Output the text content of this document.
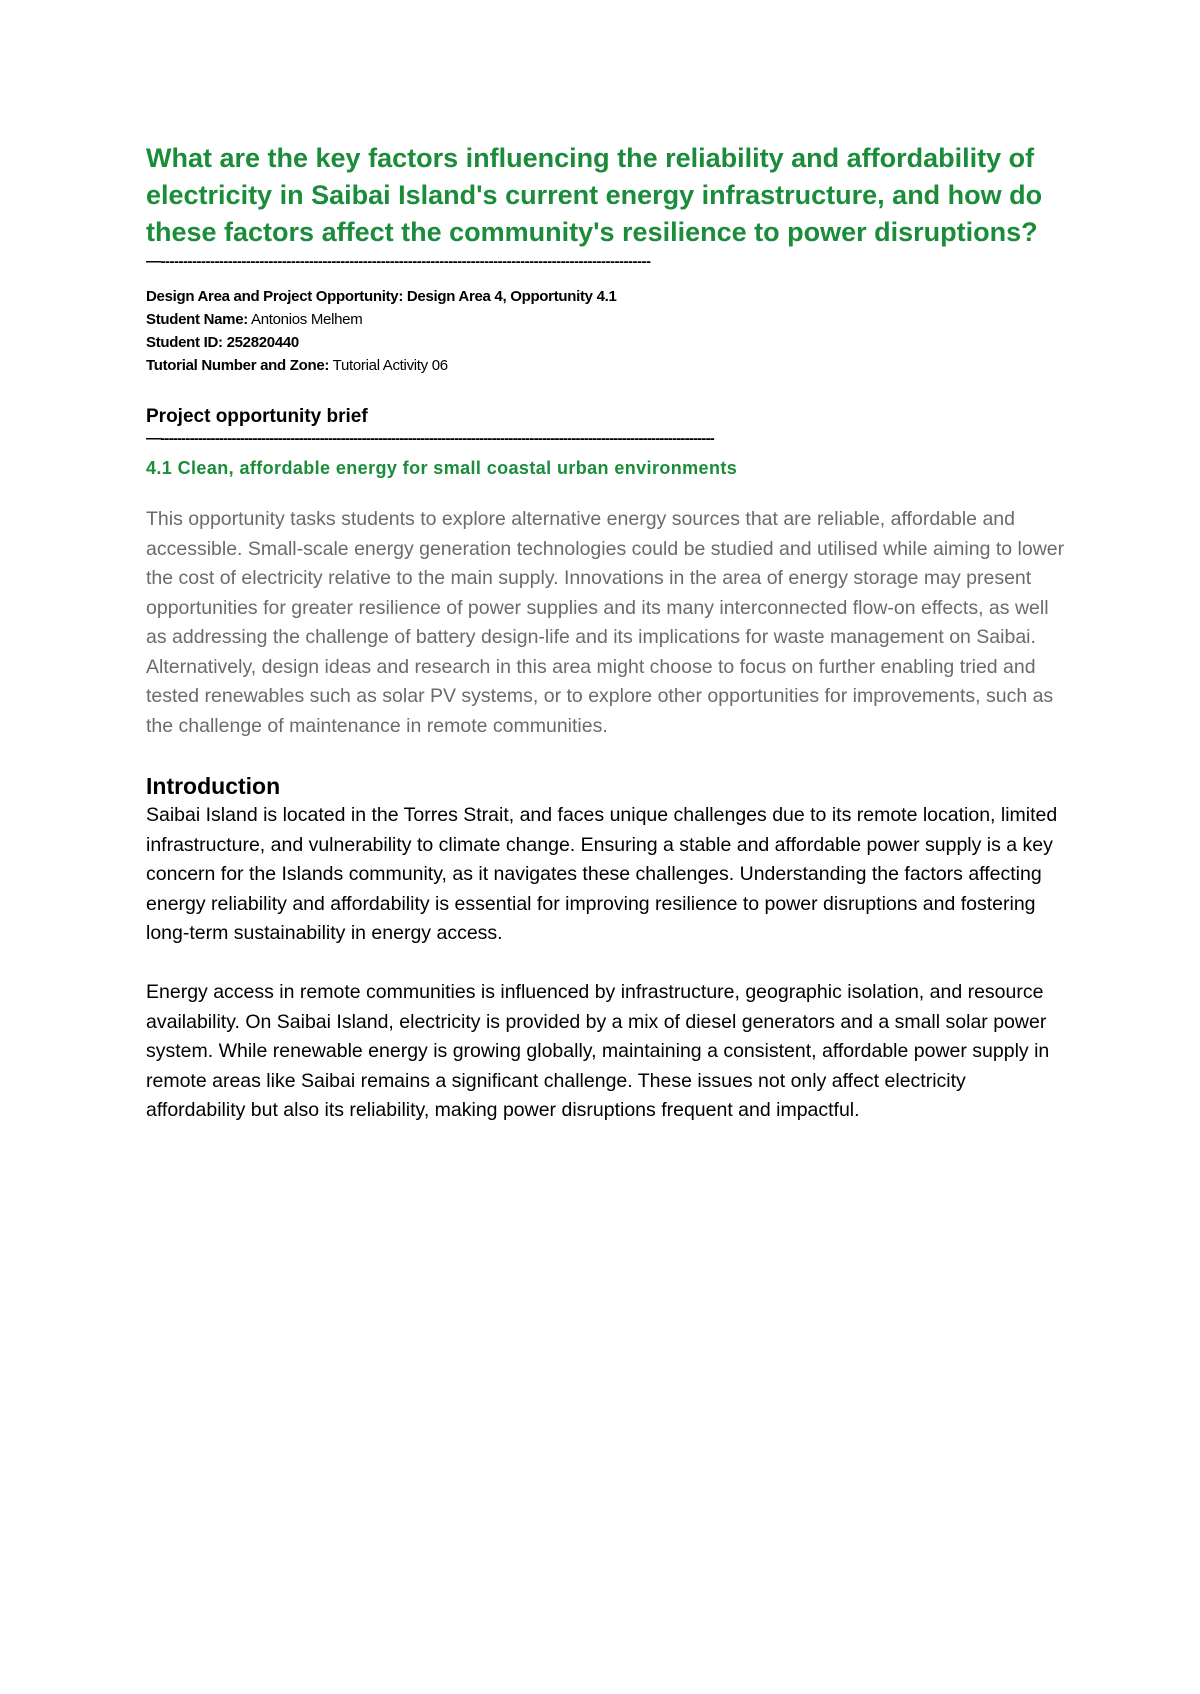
What are the key factors influencing the reliability and affordability of electricity in Saibai Island's current energy infrastructure, and how do these factors affect the community's resilience to power disruptions?
—-------------------------------------------------------------------------------------------------------------
Design Area and Project Opportunity: Design Area 4, Opportunity 4.1
Student Name: Antonios Melhem
Student ID: 252820440
Tutorial Number and Zone: Tutorial Activity 06
Project opportunity brief
—------------------------------------------------------------------------------------------------------------------------------------
4.1 Clean, affordable energy for small coastal urban environments

This opportunity tasks students to explore alternative energy sources that are reliable, affordable and accessible. Small-scale energy generation technologies could be studied and utilised while aiming to lower the cost of electricity relative to the main supply. Innovations in the area of energy storage may present opportunities for greater resilience of power supplies and its many interconnected flow-on effects, as well as addressing the challenge of battery design-life and its implications for waste management on Saibai. Alternatively, design ideas and research in this area might choose to focus on further enabling tried and tested renewables such as solar PV systems, or to explore other opportunities for improvements, such as the challenge of maintenance in remote communities.

Introduction

Saibai Island is located in the Torres Strait, and faces unique challenges due to its remote location, limited infrastructure, and vulnerability to climate change. Ensuring a stable and affordable power supply is a key concern for the Islands community, as it navigates these challenges. Understanding the factors affecting energy reliability and affordability is essential for improving resilience to power disruptions and fostering long-term sustainability in energy access.

Energy access in remote communities is influenced by infrastructure, geographic isolation, and resource availability. On Saibai Island, electricity is provided by a mix of diesel generators and a small solar power system. While renewable energy is growing globally, maintaining a consistent, affordable power supply in remote areas like Saibai remains a significant challenge. These issues not only affect electricity affordability but also its reliability, making power disruptions frequent and impactful.
